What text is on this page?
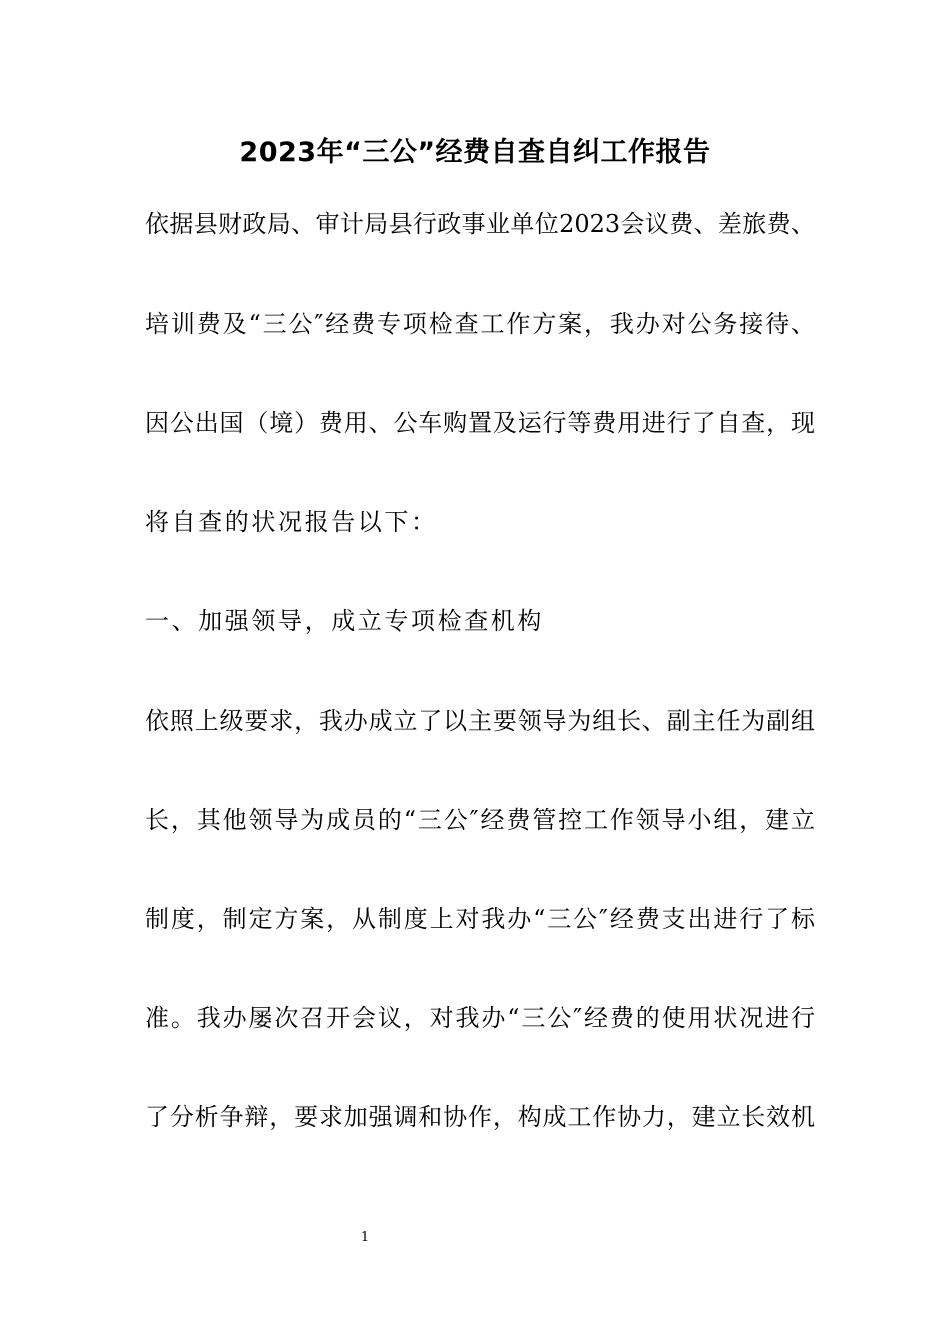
2023年“三公”经费自查自纠工作报告
依据县财政局、审计局县行政事业单位2023会议费、差旅费、
培训费及“三公″经费专项检查工作方案，我办对公务接待、
因公出国（境）费用、公车购置及运行等费用进行了自查，现
将自查的状况报告以下：
一、加强领导，成立专项检查机构
依照上级要求，我办成立了以主要领导为组长、副主任为副组
长，其他领导为成员的“三公″经费管控工作领导小组，建立
制度，制定方案，从制度上对我办“三公″经费支出进行了标
准。我办屡次召开会议，对我办“三公″经费的使用状况进行
了分析争辩，要求加强调和协作，构成工作协力，建立长效机
1
